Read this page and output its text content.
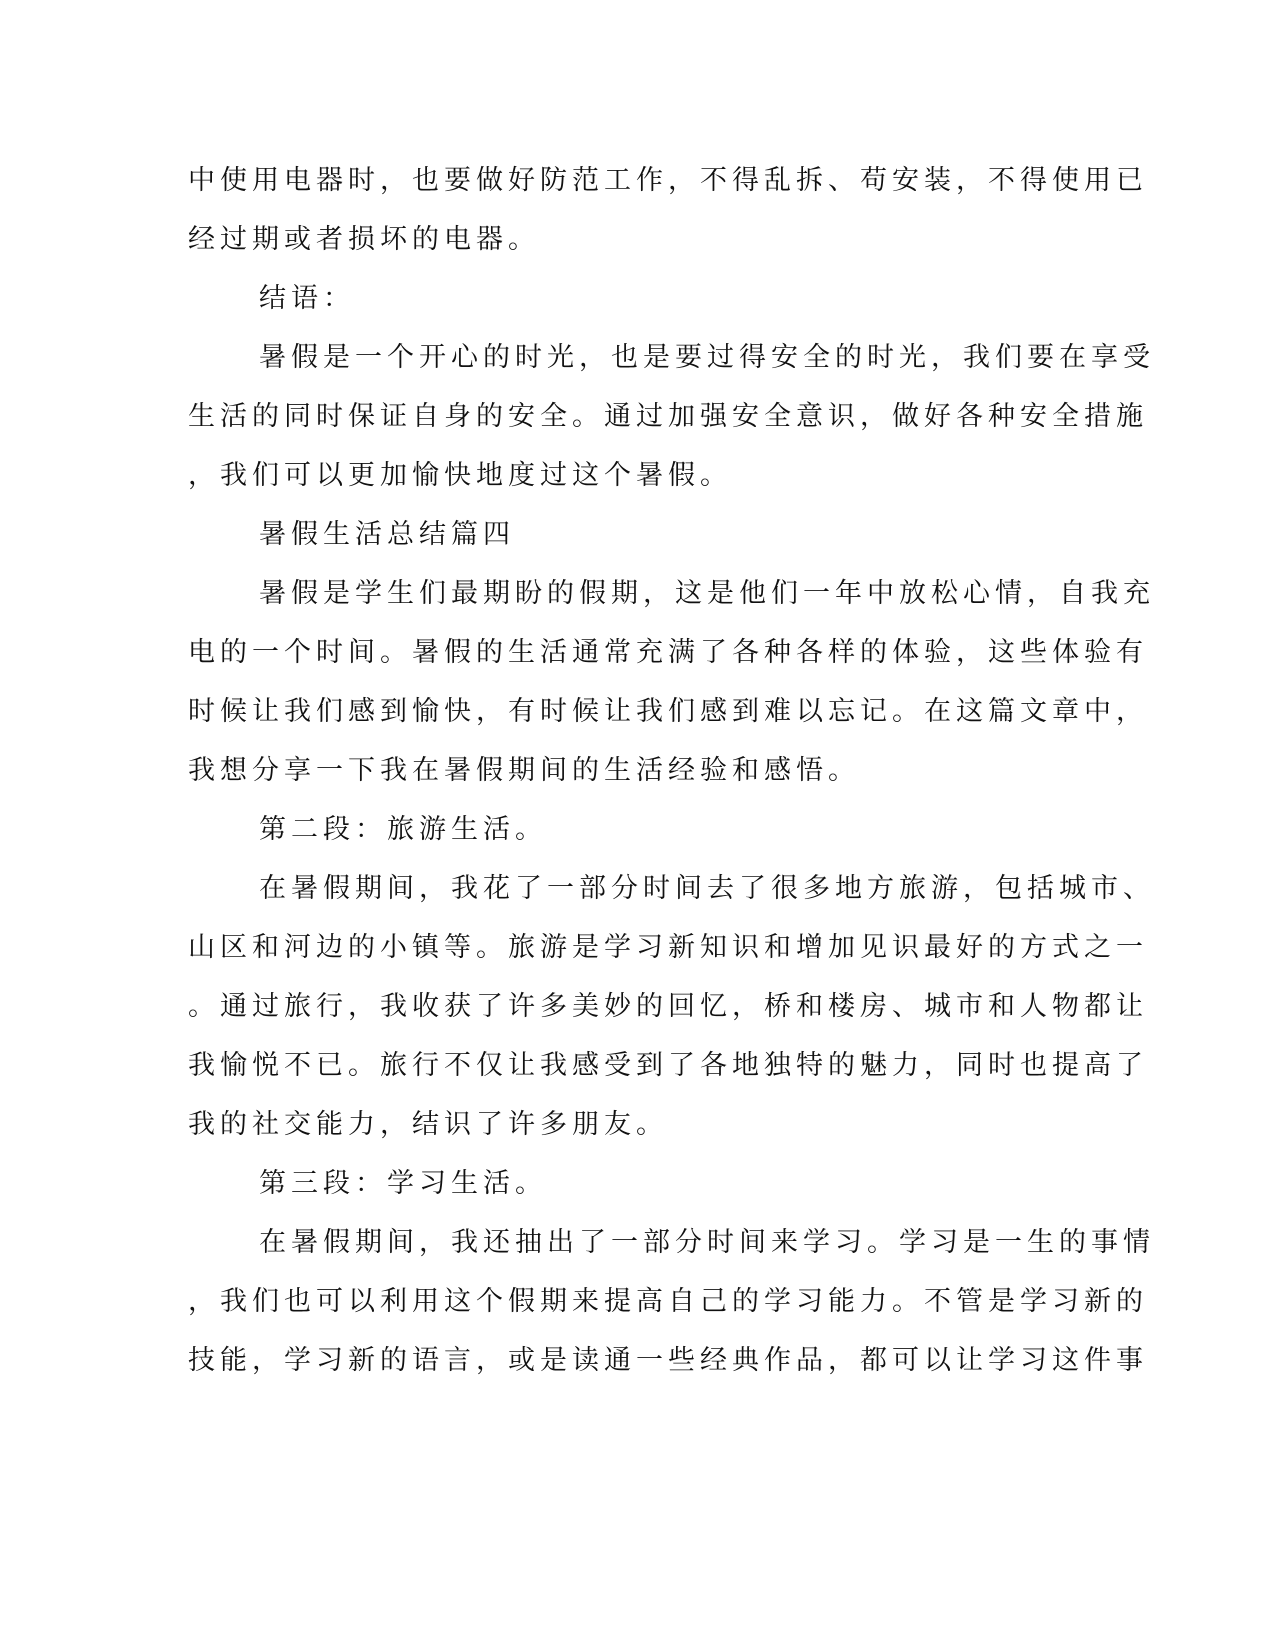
中使用电器时，也要做好防范工作，不得乱拆、苟安装，不得使用已
经过期或者损坏的电器。
结语：
暑假是一个开心的时光，也是要过得安全的时光，我们要在享受
生活的同时保证自身的安全。通过加强安全意识，做好各种安全措施
，我们可以更加愉快地度过这个暑假。
暑假生活总结篇四
暑假是学生们最期盼的假期，这是他们一年中放松心情，自我充
电的一个时间。暑假的生活通常充满了各种各样的体验，这些体验有
时候让我们感到愉快，有时候让我们感到难以忘记。在这篇文章中，
我想分享一下我在暑假期间的生活经验和感悟。
第二段：旅游生活。
在暑假期间，我花了一部分时间去了很多地方旅游，包括城市、
山区和河边的小镇等。旅游是学习新知识和增加见识最好的方式之一
。通过旅行，我收获了许多美妙的回忆，桥和楼房、城市和人物都让
我愉悦不已。旅行不仅让我感受到了各地独特的魅力，同时也提高了
我的社交能力，结识了许多朋友。
第三段：学习生活。
在暑假期间，我还抽出了一部分时间来学习。学习是一生的事情
，我们也可以利用这个假期来提高自己的学习能力。不管是学习新的
技能，学习新的语言，或是读通一些经典作品，都可以让学习这件事
